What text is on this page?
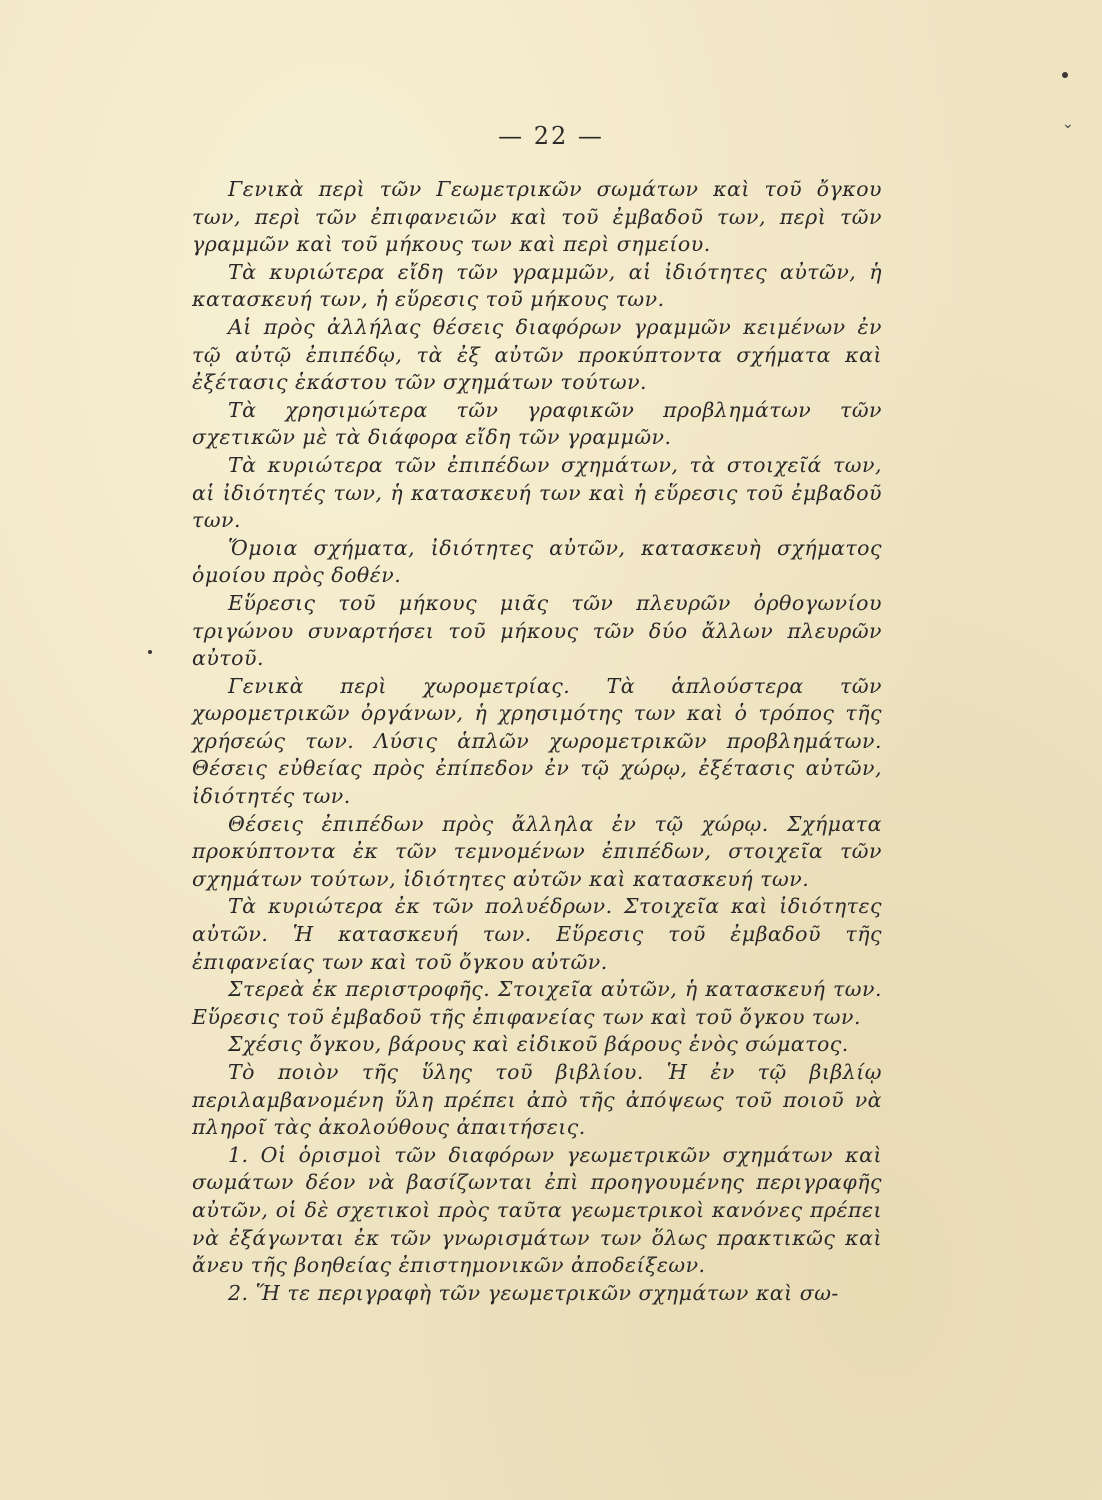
— 22 —

Γενικὰ περὶ τῶν Γεωμετρικῶν σωμάτων καὶ τοῦ ὄγκου των, περὶ τῶν ἐπιφανειῶν καὶ τοῦ ἐμβαδοῦ των, περὶ τῶν γραμμῶν καὶ τοῦ μήκους των καὶ περὶ σημείου.

Τὰ κυριώτερα εἴδη τῶν γραμμῶν, αἱ ἰδιότητες αὐτῶν, ἡ κατασκευή των, ἡ εὕρεσις τοῦ μήκους των.

Αἱ πρὸς ἀλλήλας θέσεις διαφόρων γραμμῶν κειμένων ἐν τῷ αὐτῷ ἐπιπέδῳ, τὰ ἐξ αὐτῶν προκύπτοντα σχήματα καὶ ἐξέτασις ἑκάστου τῶν σχημάτων τούτων.

Τὰ χρησιμώτερα τῶν γραφικῶν προβλημάτων τῶν σχετικῶν μὲ τὰ διάφορα εἴδη τῶν γραμμῶν.

Τὰ κυριώτερα τῶν ἐπιπέδων σχημάτων, τὰ στοιχεῖά των, αἱ ἰδιότητές των, ἡ κατασκευή των καὶ ἡ εὕρεσις τοῦ ἐμβαδοῦ των.

Ὅμοια σχήματα, ἰδιότητες αὐτῶν, κατασκευὴ σχήματος ὁμοίου πρὸς δοθέν.

Εὕρεσις τοῦ μήκους μιᾶς τῶν πλευρῶν ὀρθογωνίου τριγώνου συναρτήσει τοῦ μήκους τῶν δύο ἄλλων πλευρῶν αὐτοῦ.

Γενικὰ περὶ χωρομετρίας. Τὰ ἁπλούστερα τῶν χωρομετρικῶν ὀργάνων, ἡ χρησιμότης των καὶ ὁ τρόπος τῆς χρήσεώς των. Λύσις ἁπλῶν χωρομετρικῶν προβλημάτων. Θέσεις εὐθείας πρὸς ἐπίπεδον ἐν τῷ χώρῳ, ἐξέτασις αὐτῶν, ἰδιότητές των.

Θέσεις ἐπιπέδων πρὸς ἄλληλα ἐν τῷ χώρῳ. Σχήματα προκύπτοντα ἐκ τῶν τεμνομένων ἐπιπέδων, στοιχεῖα τῶν σχημάτων τούτων, ἰδιότητες αὐτῶν καὶ κατασκευή των.

Τὰ κυριώτερα ἐκ τῶν πολυέδρων. Στοιχεῖα καὶ ἰδιότητες αὐτῶν. Ἡ κατασκευή των. Εὕρεσις τοῦ ἐμβαδοῦ τῆς ἐπιφανείας των καὶ τοῦ ὄγκου αὐτῶν.

Στερεὰ ἐκ περιστροφῆς. Στοιχεῖα αὐτῶν, ἡ κατασκευή των. Εὕρεσις τοῦ ἐμβαδοῦ τῆς ἐπιφανείας των καὶ τοῦ ὄγκου των.

Σχέσις ὄγκου, βάρους καὶ εἰδικοῦ βάρους ἑνὸς σώματος.

Τὸ ποιὸν τῆς ὕλης τοῦ βιβλίου. Ἡ ἐν τῷ βιβλίῳ περιλαμβανομένη ὕλη πρέπει ἀπὸ τῆς ἀπόψεως τοῦ ποιοῦ νὰ πληροῖ τὰς ἀκολούθους ἀπαιτήσεις.

1. Οἱ ὁρισμοὶ τῶν διαφόρων γεωμετρικῶν σχημάτων καὶ σωμάτων δέον νὰ βασίζωνται ἐπὶ προηγουμένης περιγραφῆς αὐτῶν, οἱ δὲ σχετικοὶ πρὸς ταῦτα γεωμετρικοὶ κανόνες πρέπει νὰ ἐξάγωνται ἐκ τῶν γνωρισμάτων των ὅλως πρακτικῶς καὶ ἄνευ τῆς βοηθείας ἐπιστημονικῶν ἀποδείξεων.

2. Ἥ τε περιγραφὴ τῶν γεωμετρικῶν σχημάτων καὶ σω-

⌄
